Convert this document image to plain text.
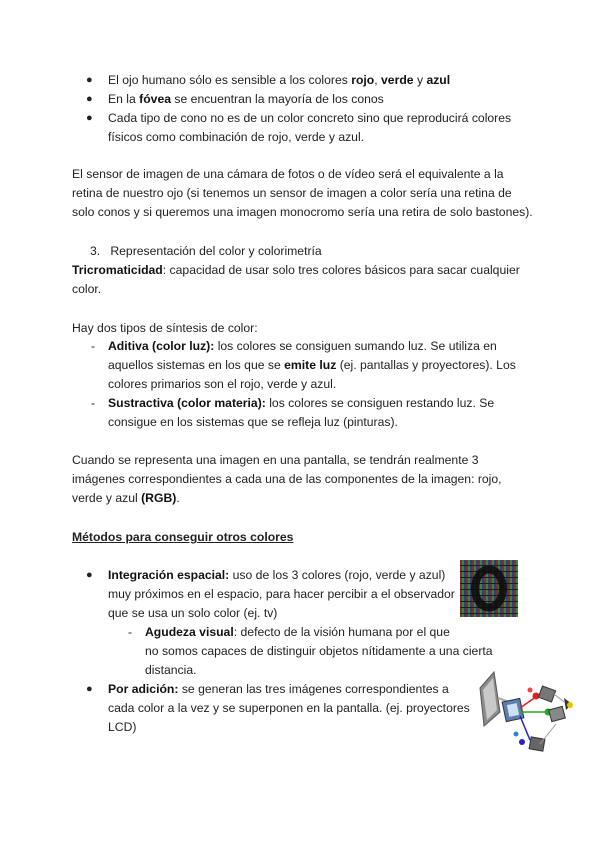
● El ojo humano sólo es sensible a los colores rojo, verde y azul
● En la fóvea se encuentran la mayoría de los conos
● Cada tipo de cono no es de un color concreto sino que reproducirá colores
físicos como combinación de rojo, verde y azul.
El sensor de imagen de una cámara de fotos o de vídeo será el equivalente a la
retina de nuestro ojo (si tenemos un sensor de imagen a color sería una retina de
solo conos y si queremos una imagen monocromo sería una retira de solo bastones).
3. Representación del color y colorimetría
Tricromaticidad: capacidad de usar solo tres colores básicos para sacar cualquier
color.
Hay dos tipos de síntesis de color:
- Aditiva (color luz): los colores se consiguen sumando luz. Se utiliza en
aquellos sistemas en los que se emite luz (ej. pantallas y proyectores). Los
colores primarios son el rojo, verde y azul.
- Sustractiva (color materia): los colores se consiguen restando luz. Se
consigue en los sistemas que se refleja luz (pinturas).
Cuando se representa una imagen en una pantalla, se tendrán realmente 3
imágenes correspondientes a cada una de las componentes de la imagen: rojo,
verde y azul (RGB).
Métodos para conseguir otros colores
● Integración espacial: uso de los 3 colores (rojo, verde y azul)
muy próximos en el espacio, para hacer percibir a el observador
que se usa un solo color (ej. tv)
- Agudeza visual: defecto de la visión humana por el que
no somos capaces de distinguir objetos nítidamente a una cierta
distancia.
● Por adición: se generan las tres imágenes correspondientes a
cada color a la vez y se superponen en la pantalla. (ej. proyectores
LCD)
